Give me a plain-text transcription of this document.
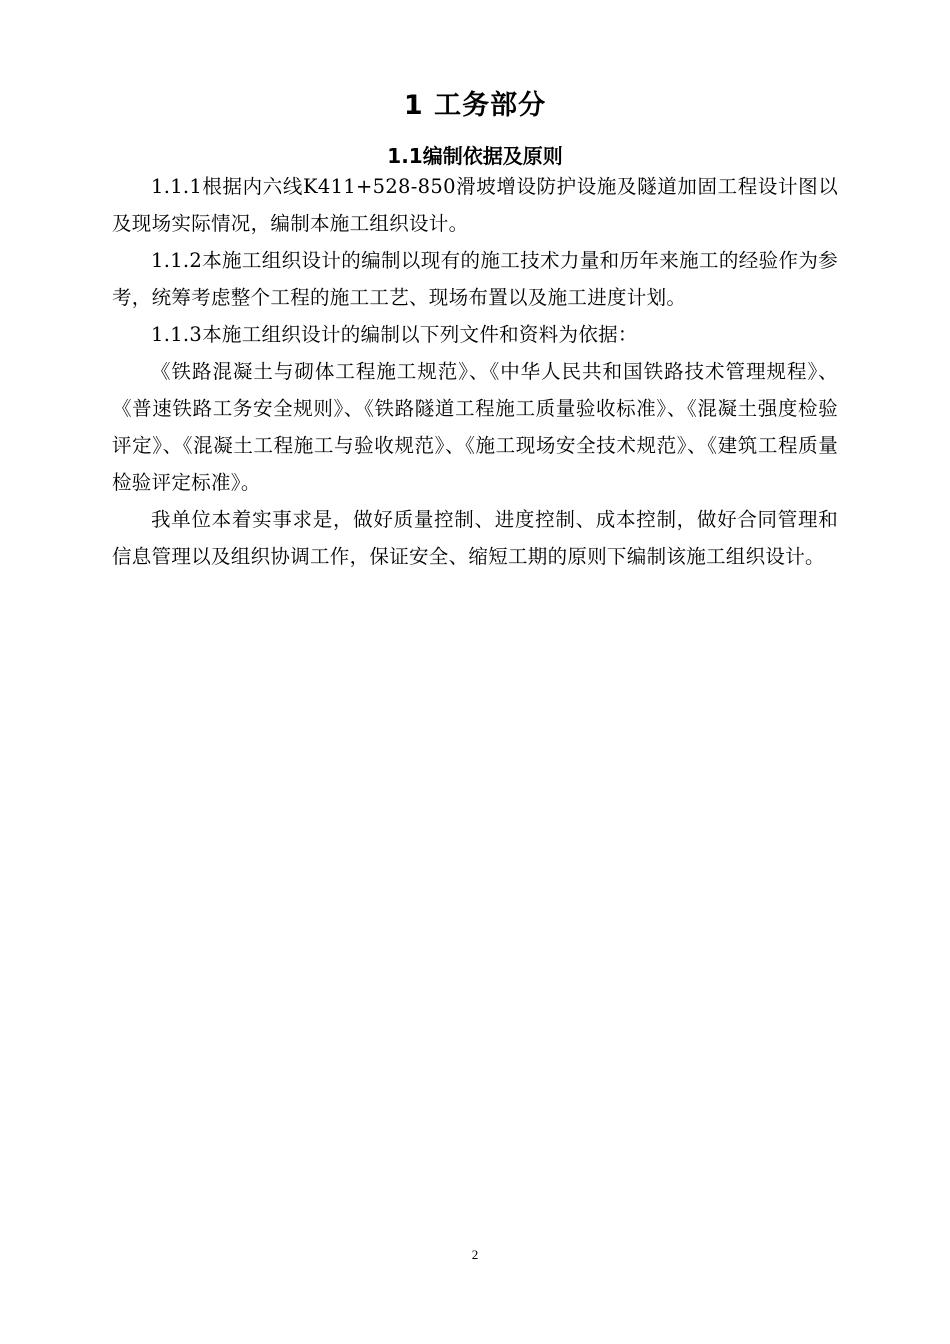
1 工务部分
1.1编制依据及原则

1.1.1根据内六线K411+528-850滑坡增设防护设施及隧道加固工程设计图以及现场实际情况，编制本施工组织设计。

1.1.2本施工组织设计的编制以现有的施工技术力量和历年来施工的经验作为参考，统筹考虑整个工程的施工工艺、现场布置以及施工进度计划。

1.1.3本施工组织设计的编制以下列文件和资料为依据：

《铁路混凝土与砌体工程施工规范》、《中华人民共和国铁路技术管理规程》、《普速铁路工务安全规则》、《铁路隧道工程施工质量验收标准》、《混凝土强度检验评定》、《混凝土工程施工与验收规范》、《施工现场安全技术规范》、《建筑工程质量检验评定标准》。

我单位本着实事求是，做好质量控制、进度控制、成本控制，做好合同管理和信息管理以及组织协调工作，保证安全、缩短工期的原则下编制该施工组织设计。

2
